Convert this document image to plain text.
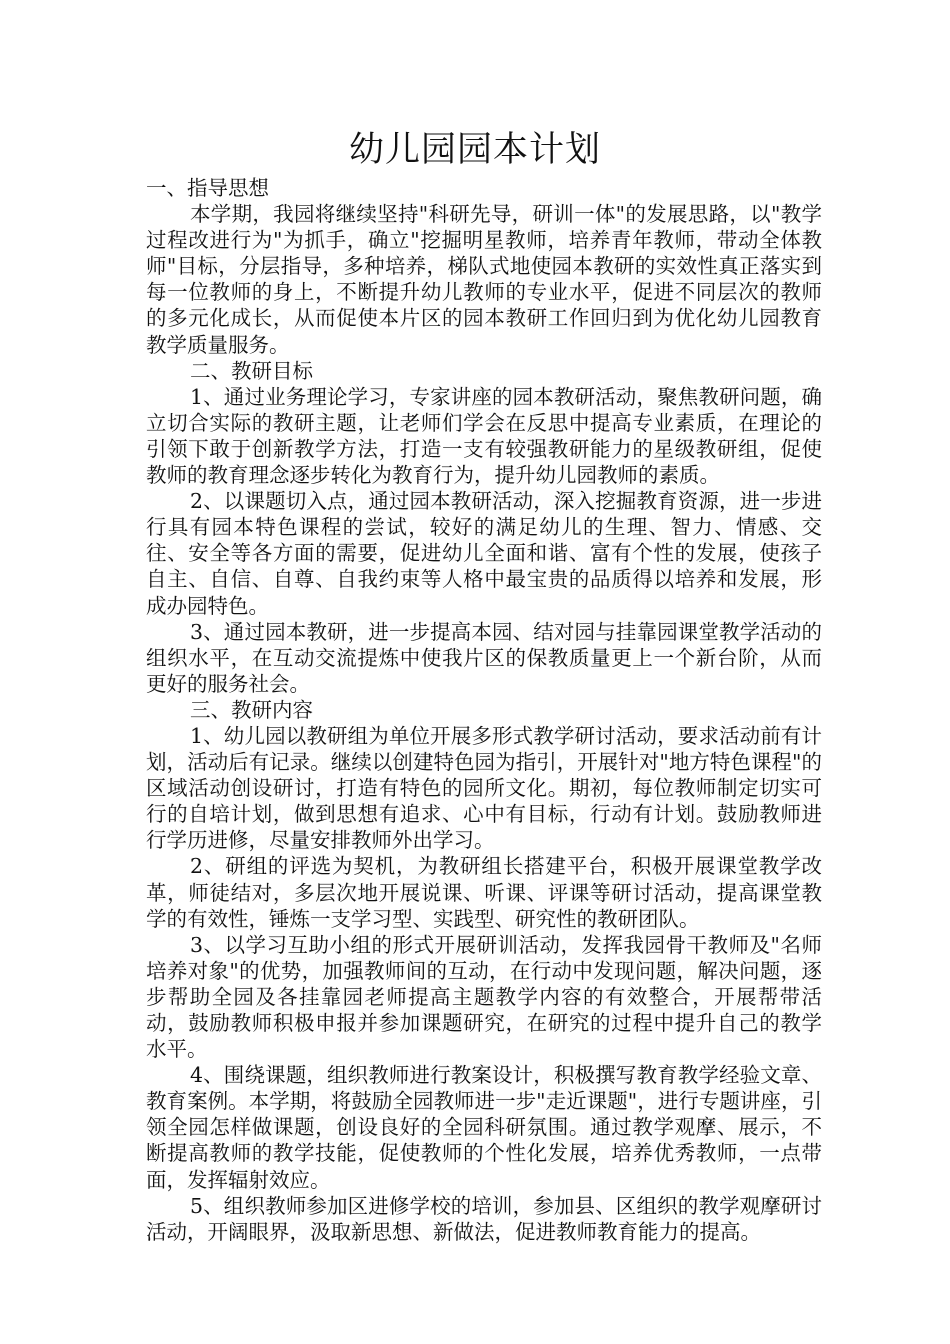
幼儿园园本计划

一、指导思想

本学期，我园将继续坚持"科研先导，研训一体"的发展思路，以"教学过程改进行为"为抓手，确立"挖掘明星教师，培养青年教师，带动全体教师"目标，分层指导，多种培养，梯队式地使园本教研的实效性真正落实到每一位教师的身上，不断提升幼儿教师的专业水平，促进不同层次的教师的多元化成长，从而促使本片区的园本教研工作回归到为优化幼儿园教育教学质量服务。

二、教研目标

1、通过业务理论学习，专家讲座的园本教研活动，聚焦教研问题，确立切合实际的教研主题，让老师们学会在反思中提高专业素质，在理论的引领下敢于创新教学方法，打造一支有较强教研能力的星级教研组，促使教师的教育理念逐步转化为教育行为，提升幼儿园教师的素质。

2、以课题切入点，通过园本教研活动，深入挖掘教育资源，进一步进行具有园本特色课程的尝试，较好的满足幼儿的生理、智力、情感、交往、安全等各方面的需要，促进幼儿全面和谐、富有个性的发展，使孩子自主、自信、自尊、自我约束等人格中最宝贵的品质得以培养和发展，形成办园特色。

3、通过园本教研，进一步提高本园、结对园与挂靠园课堂教学活动的组织水平，在互动交流提炼中使我片区的保教质量更上一个新台阶，从而更好的服务社会。

三、教研内容

1、幼儿园以教研组为单位开展多形式教学研讨活动，要求活动前有计划，活动后有记录。继续以创建特色园为指引，开展针对"地方特色课程"的区域活动创设研讨，打造有特色的园所文化。期初，每位教师制定切实可行的自培计划，做到思想有追求、心中有目标，行动有计划。鼓励教师进行学历进修，尽量安排教师外出学习。

2、研组的评选为契机，为教研组长搭建平台，积极开展课堂教学改革，师徒结对，多层次地开展说课、听课、评课等研讨活动，提高课堂教学的有效性，锤炼一支学习型、实践型、研究性的教研团队。

3、以学习互助小组的形式开展研训活动，发挥我园骨干教师及"名师培养对象"的优势，加强教师间的互动，在行动中发现问题，解决问题，逐步帮助全园及各挂靠园老师提高主题教学内容的有效整合，开展帮带活动，鼓励教师积极申报并参加课题研究，在研究的过程中提升自己的教学水平。

4、围绕课题，组织教师进行教案设计，积极撰写教育教学经验文章、教育案例。本学期，将鼓励全园教师进一步"走近课题"，进行专题讲座，引领全园怎样做课题，创设良好的全园科研氛围。通过教学观摩、展示，不断提高教师的教学技能，促使教师的个性化发展，培养优秀教师，一点带面，发挥辐射效应。

5、组织教师参加区进修学校的培训，参加县、区组织的教学观摩研讨活动，开阔眼界，汲取新思想、新做法，促进教师教育能力的提高。
